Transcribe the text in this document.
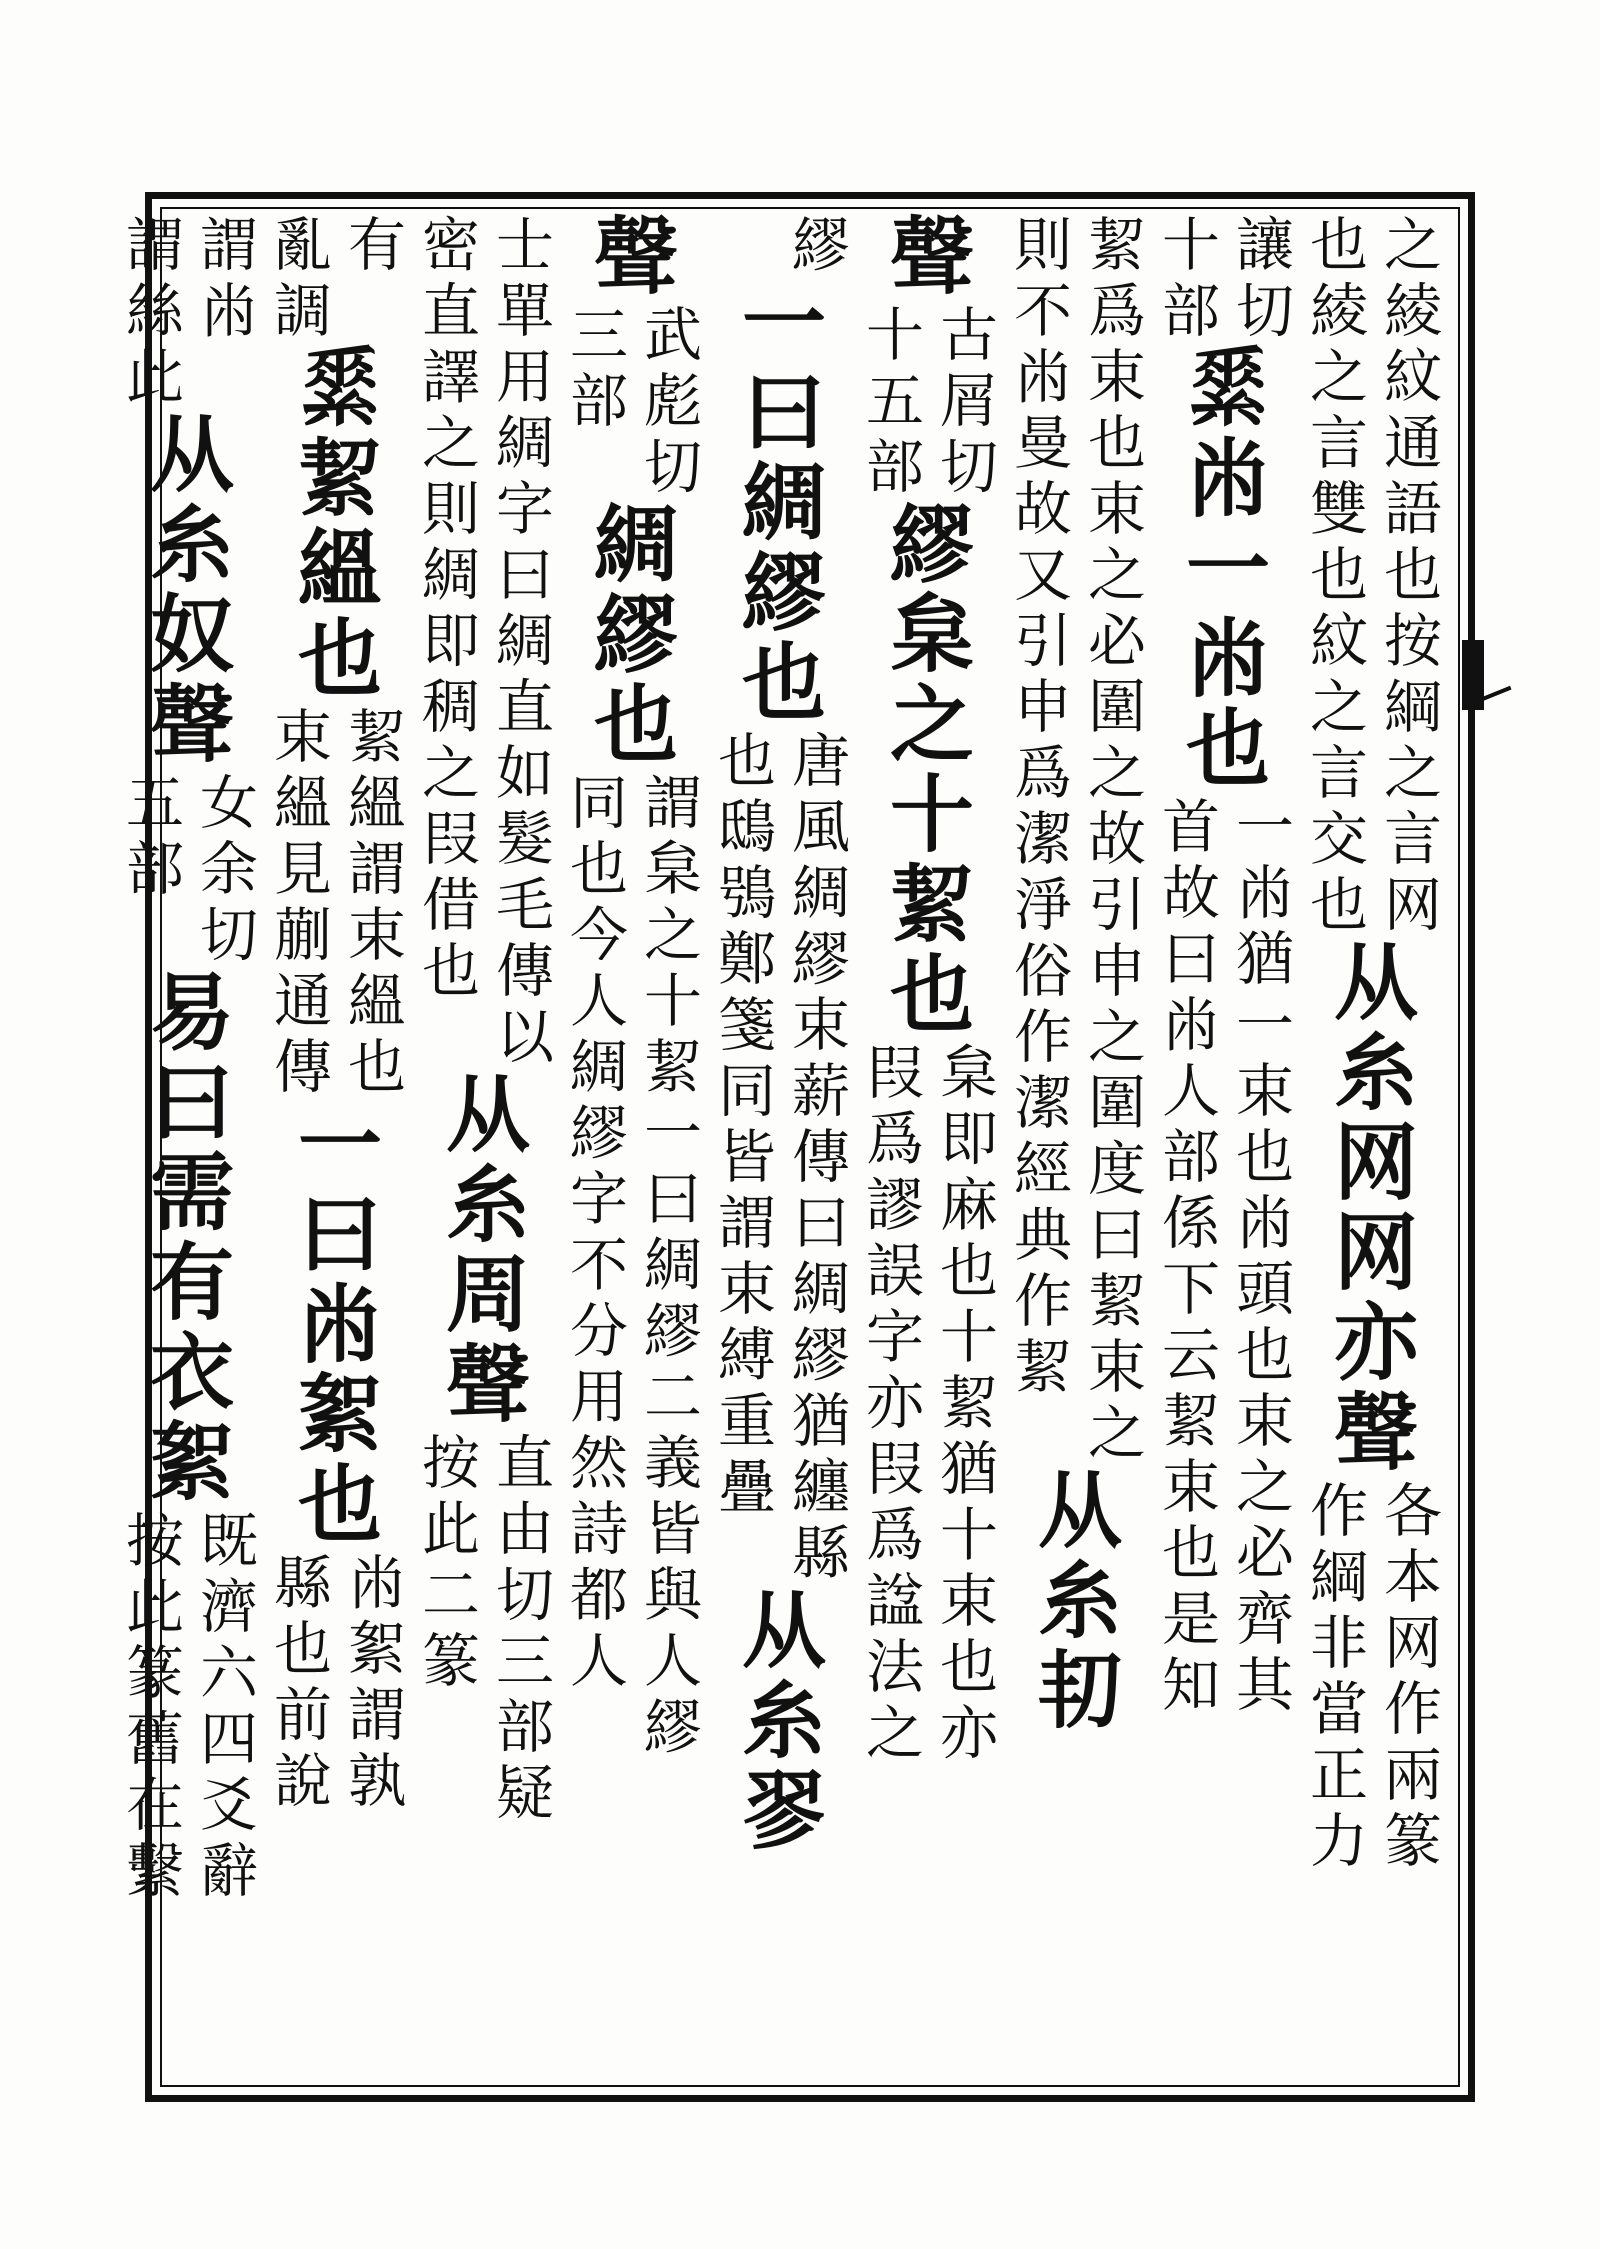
之
也
綾
綾
紋
之
通
言
語
雙
也
也
按
紋
綱
之
之
言
言
交
网
也
从
糸
网
网
亦
聲
各
作
本
綱
网
非
作
當
兩
正
篆
力
讓
十
切
部
𦃃
㡀
一
㡀
也
一
首
㡀
故
猶
曰
一
㡀
束
人
也
部
㡀
係
頭
下
也
云
束
絜
之
束
必
也
齊
是
其
知
絜
則
爲
不
束
㡀
也
曼
束
故
之
又
必
引
圍
申
之
爲
故
潔
引
淨
申
俗
之
作
圍
潔
度
經
曰
典
絜
作
束
絜
之
从
糸
㓞
聲
古
十
屑
五
切
部
繆
枲
之
十
絜
也
枲
叚
即
爲
麻
謬
也
誤
十
字
絜
亦
猶
叚
十
爲
束
諡
也
法
亦
之
繆
一
曰
綢
繆
也
唐
也
風
鴟
綢
鴞
繆
鄭
束
箋
薪
同
傳
皆
曰
謂
綢
束
繆
縛
猶
重
纏
疊
縣
从
糸
翏
聲
武
三
彪
部
切
綢
繆
也
謂
同
枲
也
之
今
十
人
絜
綢
一
繆
曰
字
綢
不
繆
分
二
用
義
然
皆
詩
與
都
人
人
繆
士
密
單
直
用
譯
綢
之
字
則
曰
綢
綢
即
直
稠
如
之
髮
叚
毛
借
傳
也
以
从
糸
周
聲
直
按
由
此
切
二
三
篆
部
疑
有
亂
調
𦃃
絜
縕
也
絜
束
縕
縕
謂
見
束
蒯
縕
通
也
傳
一
曰
㡀
絮
也
㡀
縣
絮
也
謂
前
孰
說
謂
謂
㡀
絲
此
从
糸
奴
聲
女
五
余
部
切
易
曰
需
有
衣
絮
既
按
濟
此
六
篆
四
舊
爻
在
辭
繫
